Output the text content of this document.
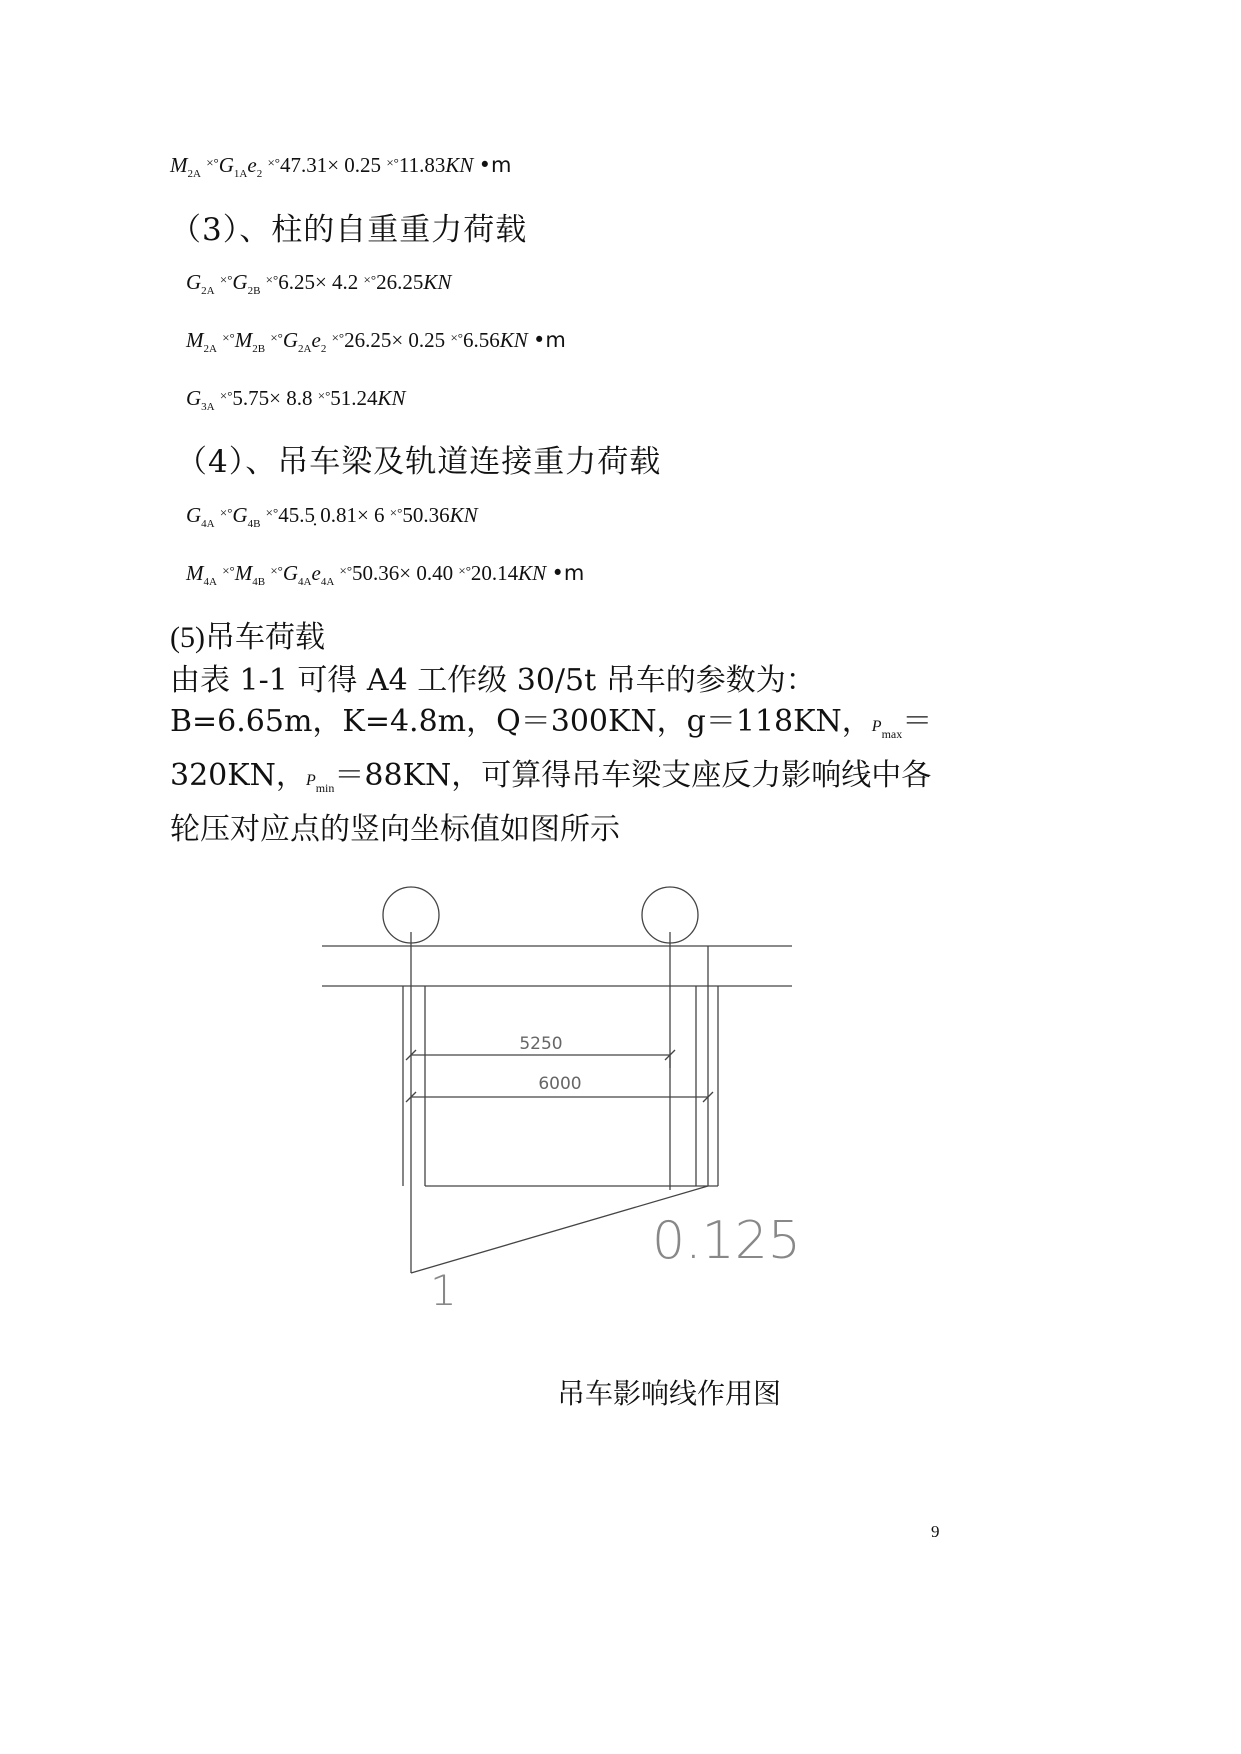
$M_{2A}$ $^{\times^\circ}G_{1A}e_2$ ×°47.31× 0.25 ×°11.83KN •m
（3）、柱的自重重力荷载
$G_{2A}$ $^{\times^\circ}G_{2B}$ ×°6.25× 4.2 ×°26.25KN
$M_{2A}$ $^{\times^\circ}M_{2B}$ $^{\times^\circ}G_{2A}e_2$ ×°26.25× 0.25 ×°6.56KN •m
$G_{3A}$ ×°5.75× 8.8 ×°51.24KN
（4）、吊车梁及轨道连接重力荷载
$G_{4A}$ $^{\times^\circ}G_{4B}$ ×°45.5̣ 0.81× 6 ×°50.36KN
$M_{4A}$ $^{\times^\circ}M_{4B}$ $^{\times^\circ}G_{4A}e_{4A}$ ×°50.36× 0.40 ×°20.14KN •m
(5)吊车荷载
由表 1-1 可得 A4 工作级 30/5t 吊车的参数为：B=6.65m，K=4.8m，Q＝300KN，g＝118KN，$P_{max}=320KN$，$P_{min}=88KN$，可算得吊车梁支座反力影响线中各轮压对应点的竖向坐标值如图所示
5250
6000
0.125
1
吊车影响线作用图
9
